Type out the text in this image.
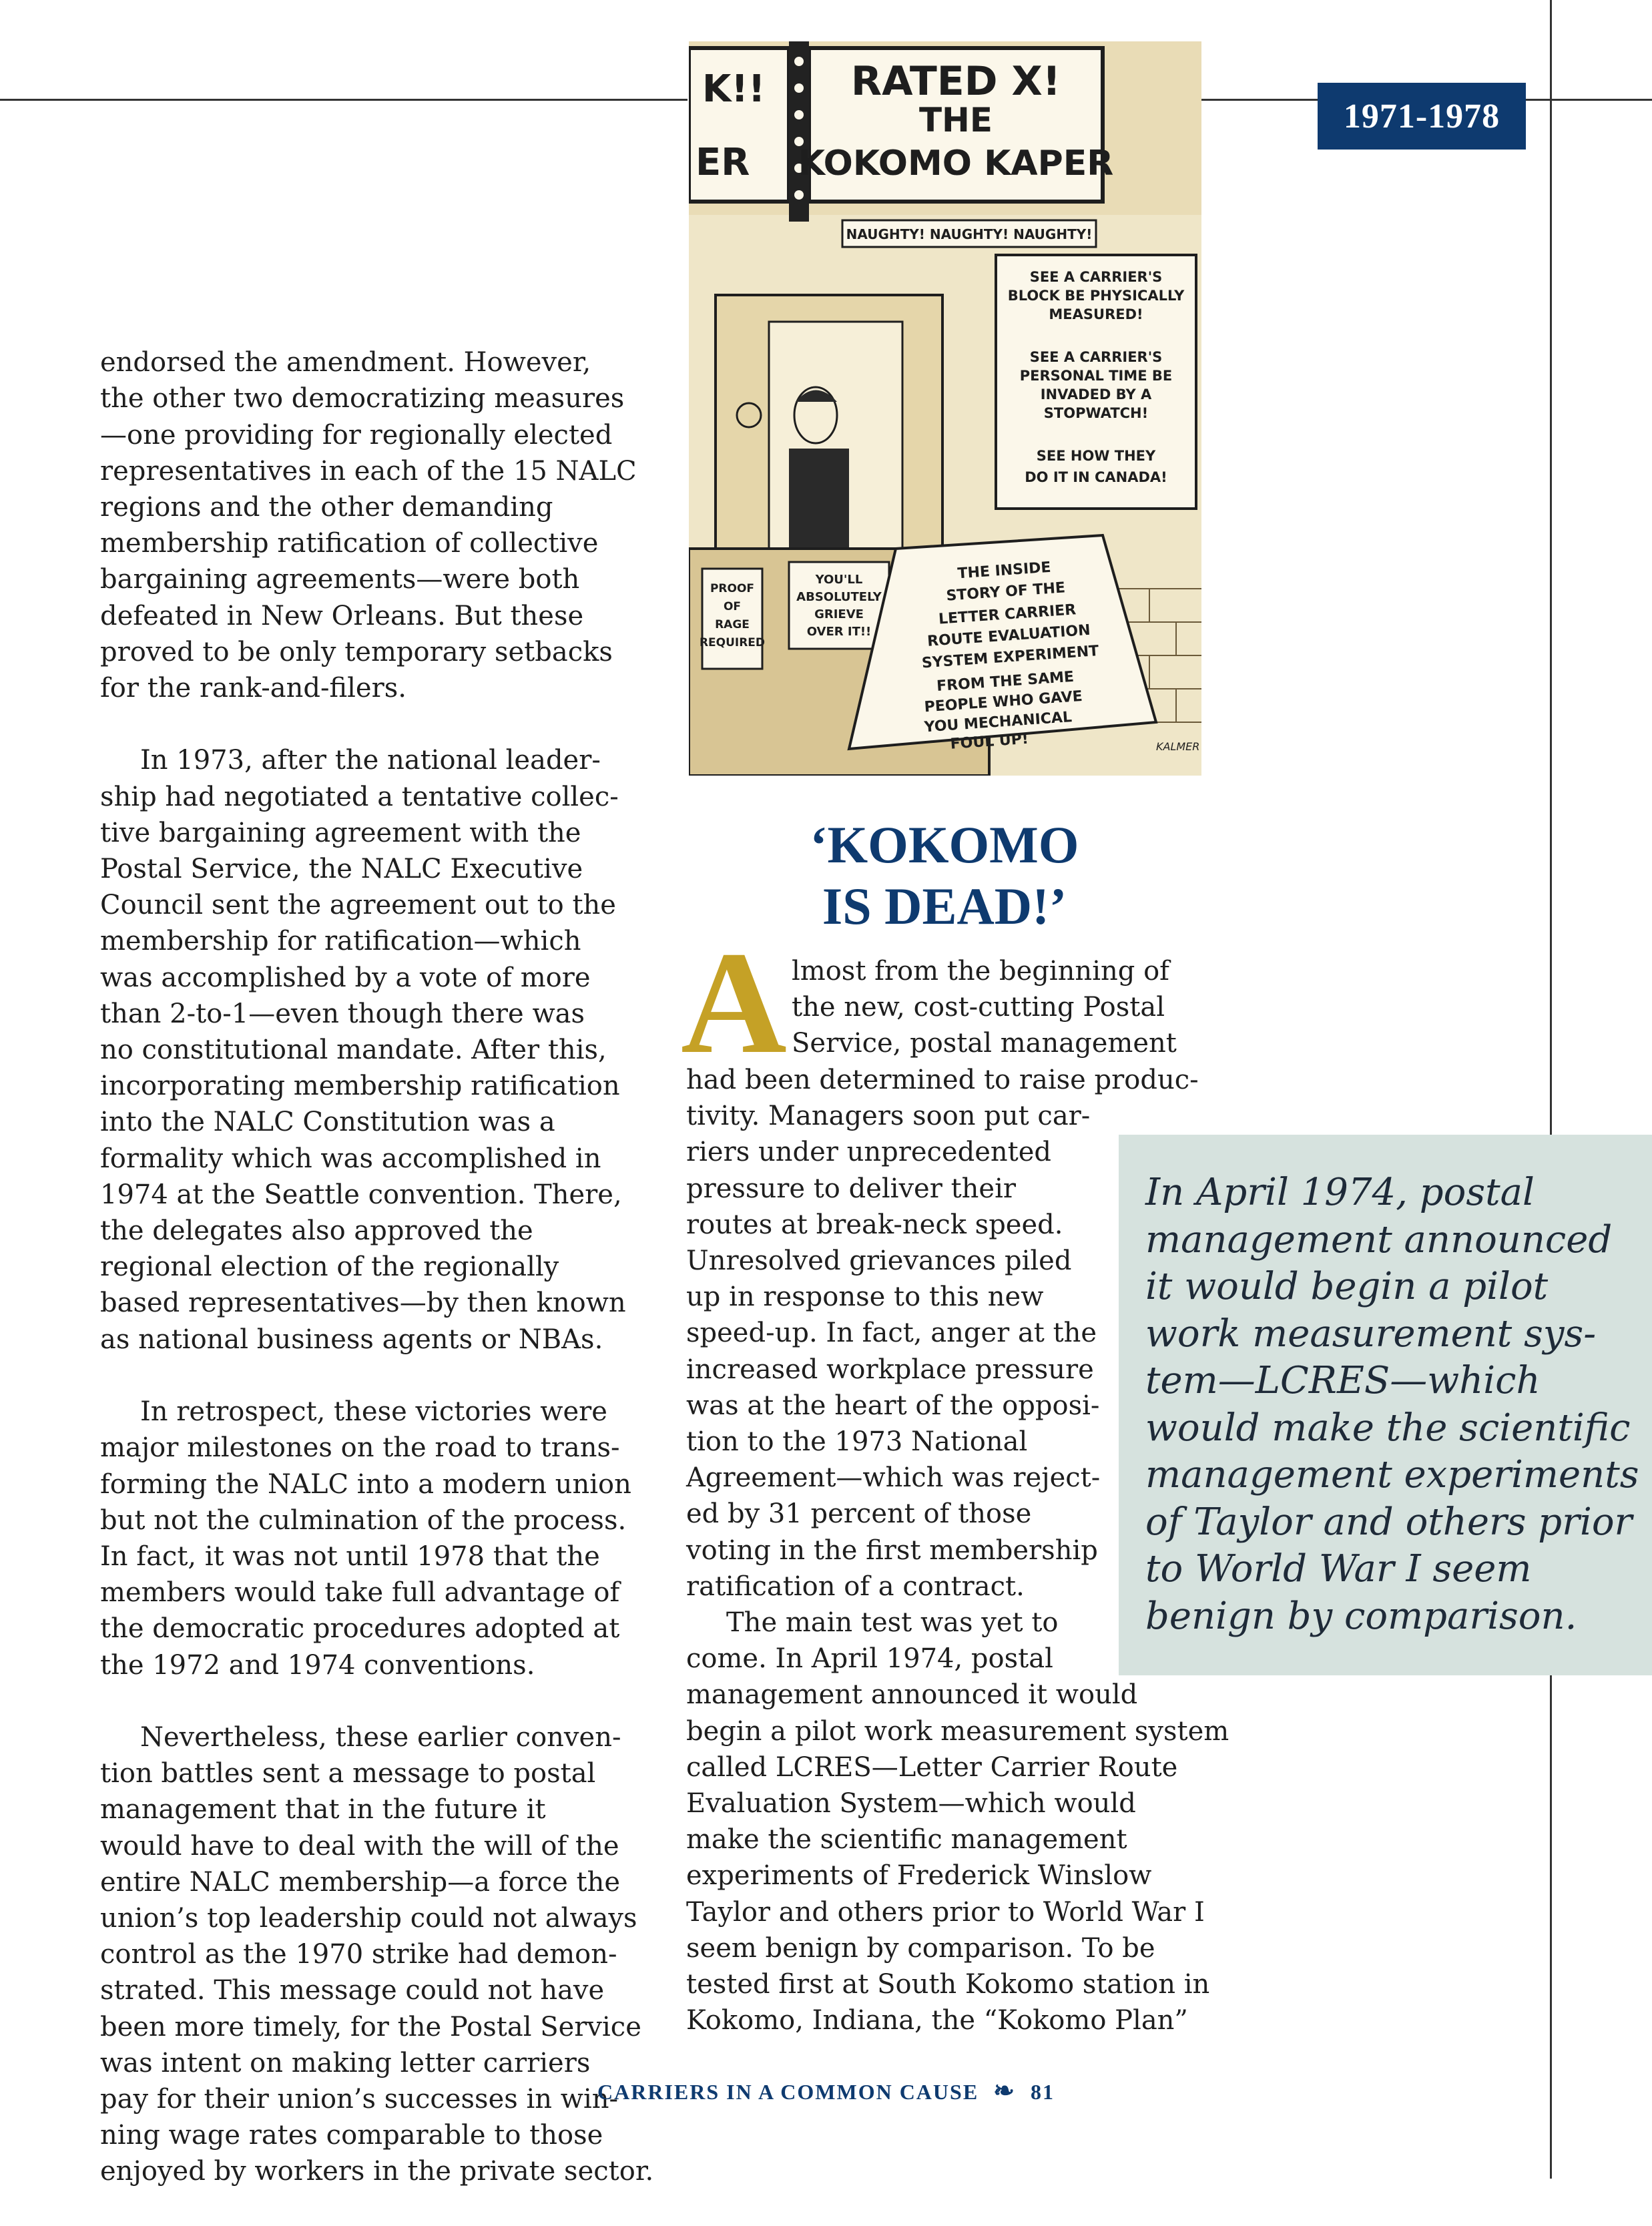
1971-1978
RATED X!
THE
KOKOMO KAPER
K!!
ER
NAUGHTY! NAUGHTY! NAUGHTY!
SEE A CARRIER'S
BLOCK BE PHYSICALLY
MEASURED!
SEE A CARRIER'S
PERSONAL TIME BE
INVADED BY A
STOPWATCH!
SEE HOW THEY
DO IT IN CANADA!
PROOF
OF
RAGE
REQUIRED
YOU'LL
ABSOLUTELY
GRIEVE
OVER IT!!
THE INSIDE
STORY OF THE
LETTER CARRIER
ROUTE EVALUATION
SYSTEM EXPERIMENT
FROM THE SAME
PEOPLE WHO GAVE
YOU MECHANICAL
FOUL UP!	KALMER

endorsed the amendment. However,
the other two democratizing measures
—one providing for regionally elected
representatives in each of the 15 NALC
regions and the other demanding
membership ratification of collective
bargaining agreements—were both
defeated in New Orleans. But these
proved to be only temporary setbacks
for the rank-and-filers.

In 1973, after the national leader-
ship had negotiated a tentative collec-
tive bargaining agreement with the
Postal Service, the NALC Executive
Council sent the agreement out to the
membership for ratification—which
was accomplished by a vote of more
than 2-to-1—even though there was
no constitutional mandate. After this,
incorporating membership ratification
into the NALC Constitution was a
formality which was accomplished in
1974 at the Seattle convention. There,
the delegates also approved the
regional election of the regionally
based representatives—by then known
as national business agents or NBAs.

In retrospect, these victories were
major milestones on the road to trans-
forming the NALC into a modern union
but not the culmination of the process.
In fact, it was not until 1978 that the
members would take full advantage of
the democratic procedures adopted at
the 1972 and 1974 conventions.

Nevertheless, these earlier conven-
tion battles sent a message to postal
management that in the future it
would have to deal with the will of the
entire NALC membership—a force the
union’s top leadership could not always
control as the 1970 strike had demon-
strated. This message could not have
been more timely, for the Postal Service
was intent on making letter carriers
pay for their union’s successes in win-
ning wage rates comparable to those
enjoyed by workers in the private sector.

‘KOKOMO
IS DEAD!’
A lmost from the beginning of
the new, cost-cutting Postal
Service, postal management
had been determined to raise produc-
tivity. Managers soon put car-
riers under unprecedented
pressure to deliver their
routes at break-neck speed.
Unresolved grievances piled
up in response to this new
speed-up. In fact, anger at the
increased workplace pressure
was at the heart of the opposi-
tion to the 1973 National
Agreement—which was reject-
ed by 31 percent of those
voting in the first membership
ratification of a contract.
The main test was yet to
come. In April 1974, postal
management announced it would
begin a pilot work measurement system
called LCRES—Letter Carrier Route
Evaluation System—which would
make the scientific management
experiments of Frederick Winslow
Taylor and others prior to World War I
seem benign by comparison. To be
tested first at South Kokomo station in
Kokomo, Indiana, the “Kokomo Plan”
In April 1974, postal
management announced
it would begin a pilot
work measurement sys-
tem—LCRES—which
would make the scientific
management experiments
of Taylor and others prior
to World War I seem
benign by comparison.
CARRIERS IN A COMMON CAUSE ❧ 81
